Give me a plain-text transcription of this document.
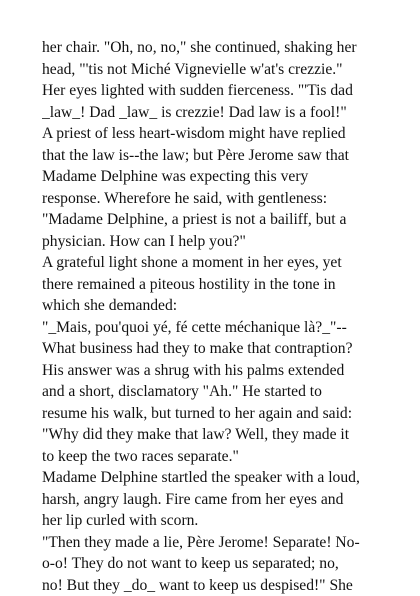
her chair. "Oh, no, no," she continued, shaking her
head, "'tis not Miché Vignevielle w'at's crezzie."
Her eyes lighted with sudden fierceness. "'Tis dad
_law_! Dad _law_ is crezzie! Dad law is a fool!"

A priest of less heart-wisdom might have replied
that the law is--the law; but Père Jerome saw that
Madame Delphine was expecting this very
response. Wherefore he said, with gentleness:

"Madame Delphine, a priest is not a bailiff, but a
physician. How can I help you?"

A grateful light shone a moment in her eyes, yet
there remained a piteous hostility in the tone in
which she demanded:

"_Mais, pou'quoi yé, fé cette méchanique là?_"--
What business had they to make that contraption?

His answer was a shrug with his palms extended
and a short, disclamatory "Ah." He started to
resume his walk, but turned to her again and said:
"Why did they make that law? Well, they made it
to keep the two races separate."

Madame Delphine startled the speaker with a loud,
harsh, angry laugh. Fire came from her eyes and
her lip curled with scorn.

"Then they made a lie, Père Jerome! Separate! No-
o-o! They do not want to keep us separated; no,
no! But they _do_ want to keep us despised!" She
